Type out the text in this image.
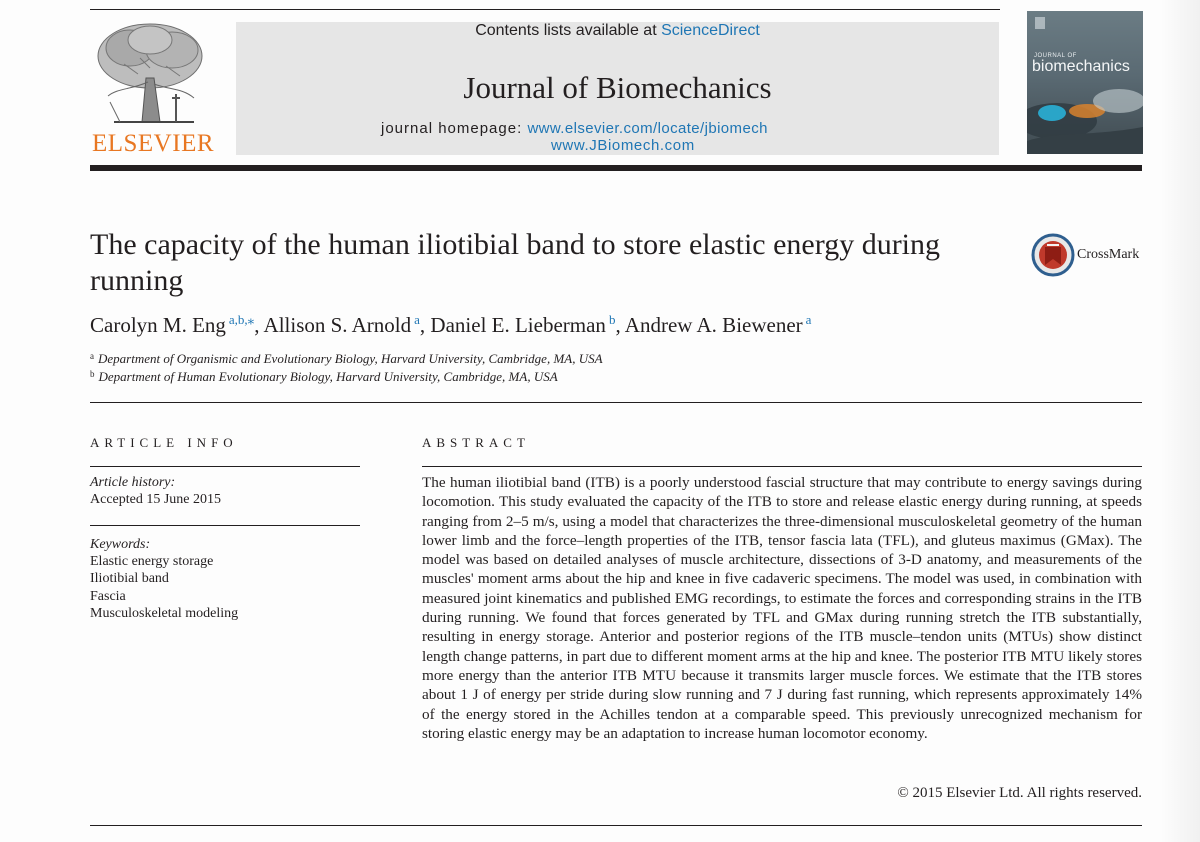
ELSEVIER
Contents lists available at ScienceDirect
Journal of Biomechanics
journal homepage: www.elsevier.com/locate/jbiomech
www.JBiomech.com
JOURNAL OF
biomechanics
The capacity of the human iliotibial band to store elastic energy during running
CrossMark
Carolyn M. Eng $^{a,b,⁎}$, Allison S. Arnold $^a$, Daniel E. Lieberman $^b$, Andrew A. Biewener $^a$
$^a$ Department of Organismic and Evolutionary Biology, Harvard University, Cambridge, MA, USA
$^b$ Department of Human Evolutionary Biology, Harvard University, Cambridge, MA, USA
ARTICLE INFO
Article history:
Accepted 15 June 2015
Keywords:
Elastic energy storage
Iliotibial band
Fascia
Musculoskeletal modeling
ABSTRACT

The human iliotibial band (ITB) is a poorly understood fascial structure that may contribute to energy savings during locomotion. This study evaluated the capacity of the ITB to store and release elastic energy during running, at speeds ranging from 2–5 m/s, using a model that characterizes the three-dimensional musculoskeletal geometry of the human lower limb and the force–length properties of the ITB, tensor fascia lata (TFL), and gluteus maximus (GMax). The model was based on detailed analyses of muscle architecture, dissections of 3-D anatomy, and measurements of the muscles' moment arms about the hip and knee in five cadaveric specimens. The model was used, in combination with measured joint kinematics and published EMG recordings, to estimate the forces and corresponding strains in the ITB during running. We found that forces generated by TFL and GMax during running stretch the ITB substantially, resulting in energy storage. Anterior and posterior regions of the ITB muscle–tendon units (MTUs) show distinct length change patterns, in part due to different moment arms at the hip and knee. The posterior ITB MTU likely stores more energy than the anterior ITB MTU because it transmits larger muscle forces. We estimate that the ITB stores about 1 J of energy per stride during slow running and 7 J during fast running, which represents approximately 14% of the energy stored in the Achilles tendon at a comparable speed. This previously unrecognized mechanism for storing elastic energy may be an adaptation to increase human locomotor economy.

© 2015 Elsevier Ltd. All rights reserved.
